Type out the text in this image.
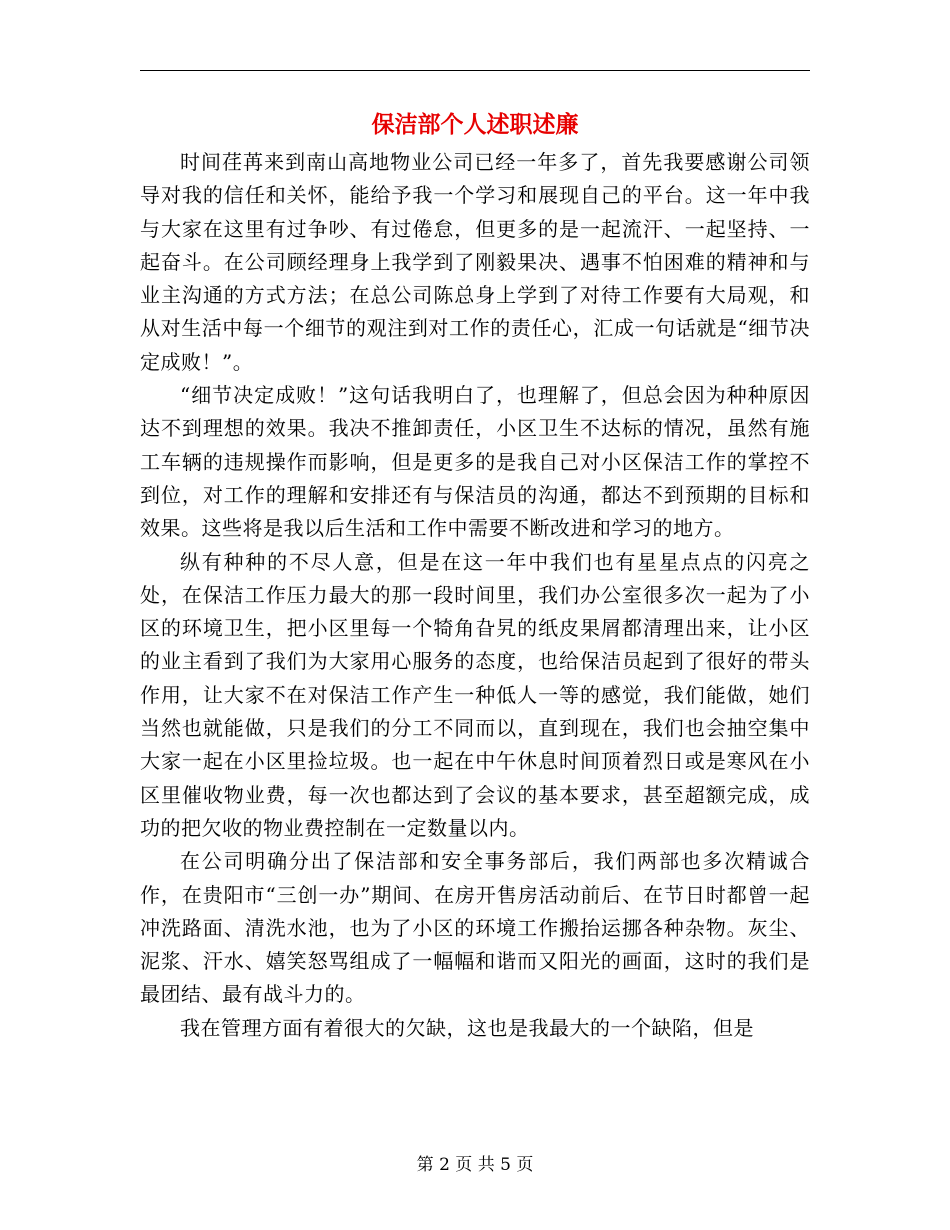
保洁部个人述职述廉

时间荏苒来到南山高地物业公司已经一年多了，首先我要感谢公司领导对我的信任和关怀，能给予我一个学习和展现自己的平台。这一年中我与大家在这里有过争吵、有过倦怠，但更多的是一起流汗、一起坚持、一起奋斗。在公司顾经理身上我学到了刚毅果决、遇事不怕困难的精神和与业主沟通的方式方法；在总公司陈总身上学到了对待工作要有大局观，和从对生活中每一个细节的观注到对工作的责任心，汇成一句话就是“细节决定成败！”。

“细节决定成败！”这句话我明白了，也理解了，但总会因为种种原因达不到理想的效果。我决不推卸责任，小区卫生不达标的情况，虽然有施工车辆的违规操作而影响，但是更多的是我自己对小区保洁工作的掌控不到位，对工作的理解和安排还有与保洁员的沟通，都达不到预期的目标和效果。这些将是我以后生活和工作中需要不断改进和学习的地方。

纵有种种的不尽人意，但是在这一年中我们也有星星点点的闪亮之处，在保洁工作压力最大的那一段时间里，我们办公室很多次一起为了小区的环境卫生，把小区里每一个犄角旮旯的纸皮果屑都清理出来，让小区的业主看到了我们为大家用心服务的态度，也给保洁员起到了很好的带头作用，让大家不在对保洁工作产生一种低人一等的感觉，我们能做，她们当然也就能做，只是我们的分工不同而以，直到现在，我们也会抽空集中大家一起在小区里捡垃圾。也一起在中午休息时间顶着烈日或是寒风在小区里催收物业费，每一次也都达到了会议的基本要求，甚至超额完成，成功的把欠收的物业费控制在一定数量以内。

在公司明确分出了保洁部和安全事务部后，我们两部也多次精诚合作，在贵阳市“三创一办”期间、在房开售房活动前后、在节日时都曾一起冲洗路面、清洗水池，也为了小区的环境工作搬抬运挪各种杂物。灰尘、泥浆、汗水、嬉笑怒骂组成了一幅幅和谐而又阳光的画面，这时的我们是最团结、最有战斗力的。

我在管理方面有着很大的欠缺，这也是我最大的一个缺陷，但是

第 2 页 共 5 页
